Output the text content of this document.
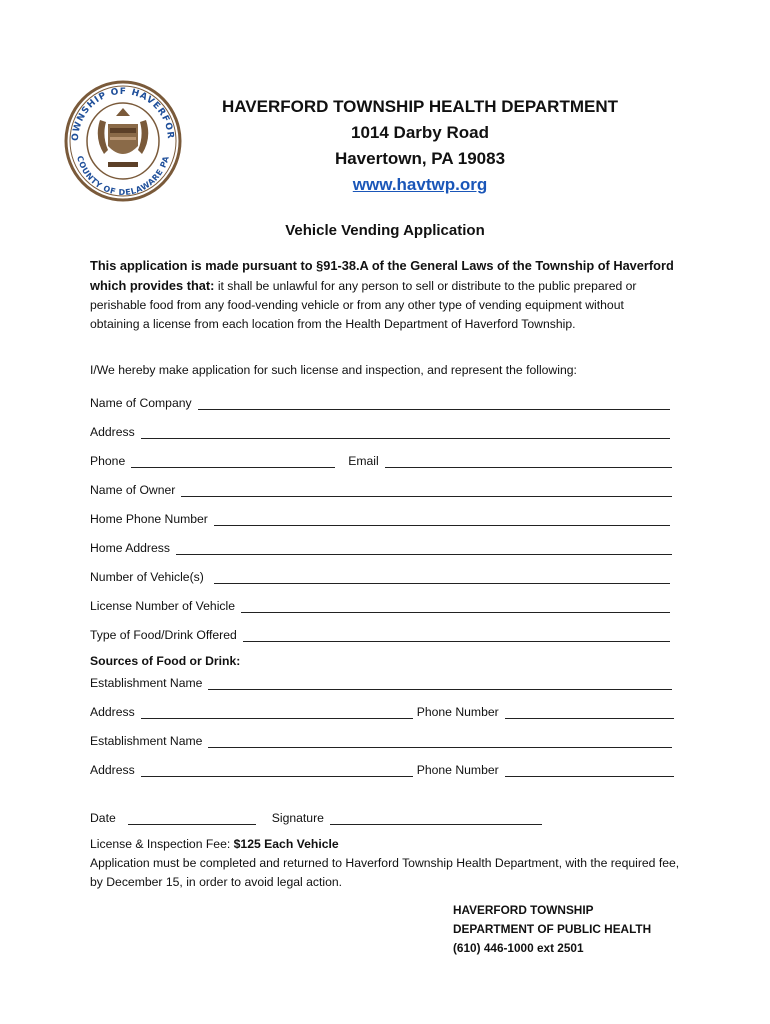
OWNSHIP OF HAVERFOR
COUNTY OF DELAWARE PA
HAVERFORD TOWNSHIP HEALTH DEPARTMENT
1014 Darby Road
Havertown, PA 19083
www.havtwp.org
Vehicle Vending Application
This application is made pursuant to §91-38.A of the General Laws of the Township of Haverford which provides that: it shall be unlawful for any person to sell or distribute to the public prepared or perishable food from any food-vending vehicle or from any other type of vending equipment without obtaining a license from each location from the Health Department of Haverford Township.
I/We hereby make application for such license and inspection, and represent the following:
Name of Company
Address
Phone	Email
Name of Owner
Home Phone Number
Home Address
Number of Vehicle(s)
License Number of Vehicle
Type of Food/Drink Offered
Sources of Food or Drink:
Establishment Name
Address	Phone Number
Establishment Name
Address	Phone Number
Date	Signature
License & Inspection Fee: $125 Each Vehicle
Application must be completed and returned to Haverford Township Health Department, with the required fee, by December 15, in order to avoid legal action.
HAVERFORD TOWNSHIP
DEPARTMENT OF PUBLIC HEALTH
(610) 446-1000 ext 2501
